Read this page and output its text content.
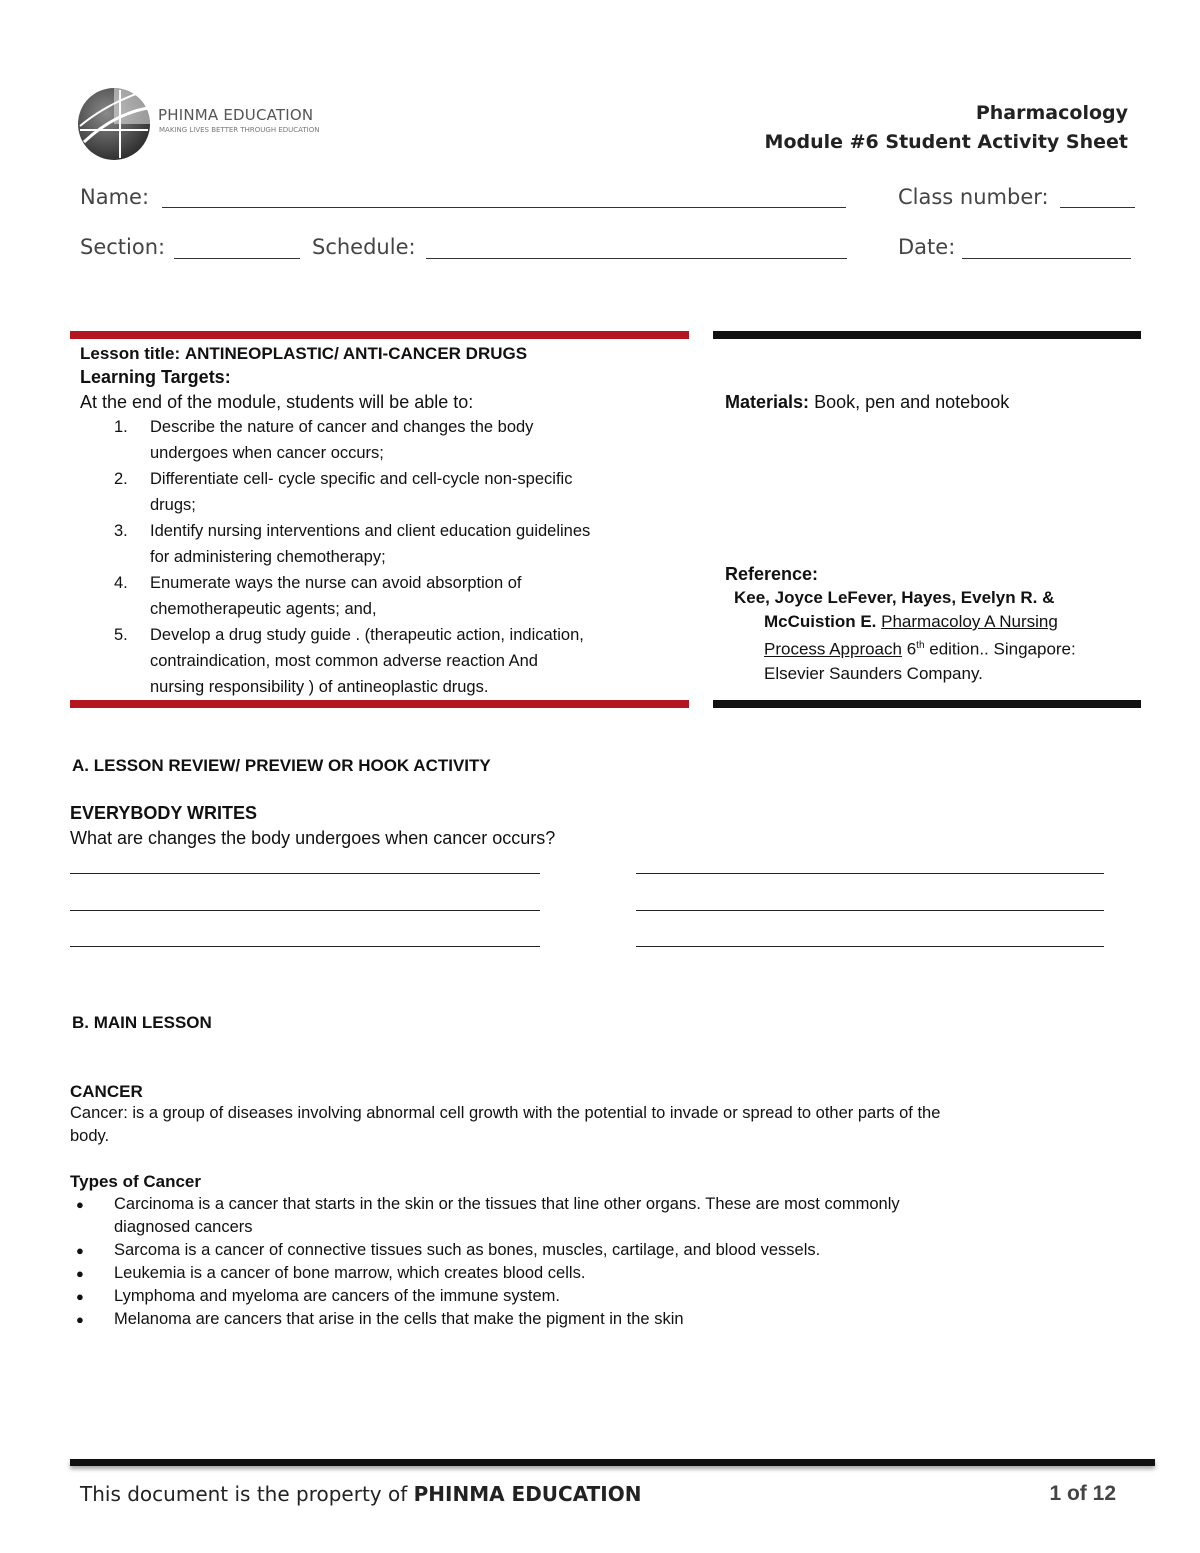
PHINMA EDUCATION
MAKING LIVES BETTER THROUGH EDUCATION
Pharmacology
Module #6 Student Activity Sheet
Name:	Class number:
Section:	Schedule:	Date:
Lesson title: ANTINEOPLASTIC/ ANTI-CANCER DRUGS
Learning Targets:
At the end of the module, students will be able to:
1. Describe the nature of cancer and changes the body
undergoes when cancer occurs;
2. Differentiate cell- cycle specific and cell-cycle non-specific
drugs;
3. Identify nursing interventions and client education guidelines
for administering chemotherapy;
4. Enumerate ways the nurse can avoid absorption of
chemotherapeutic agents; and,
5. Develop a drug study guide . (therapeutic action, indication,
contraindication, most common adverse reaction And
nursing responsibility ) of antineoplastic drugs.
Materials: Book, pen and notebook
Reference:
Kee, Joyce LeFever, Hayes, Evelyn R. &
McCuistion E. Pharmacoloy A Nursing
Process Approach 6th edition.. Singapore:
Elsevier Saunders Company.
A. LESSON REVIEW/ PREVIEW OR HOOK ACTIVITY
EVERYBODY WRITES
What are changes the body undergoes when cancer occurs?
B. MAIN LESSON
CANCER
Cancer: is a group of diseases involving abnormal cell growth with the potential to invade or spread to other parts of the
body.
Types of Cancer
● Carcinoma is a cancer that starts in the skin or the tissues that line other organs. These are most commonly
diagnosed cancers
● Sarcoma is a cancer of connective tissues such as bones, muscles, cartilage, and blood vessels.
● Leukemia is a cancer of bone marrow, which creates blood cells.
● Lymphoma and myeloma are cancers of the immune system.
● Melanoma are cancers that arise in the cells that make the pigment in the skin
This document is the property of PHINMA EDUCATION	1 of 12
